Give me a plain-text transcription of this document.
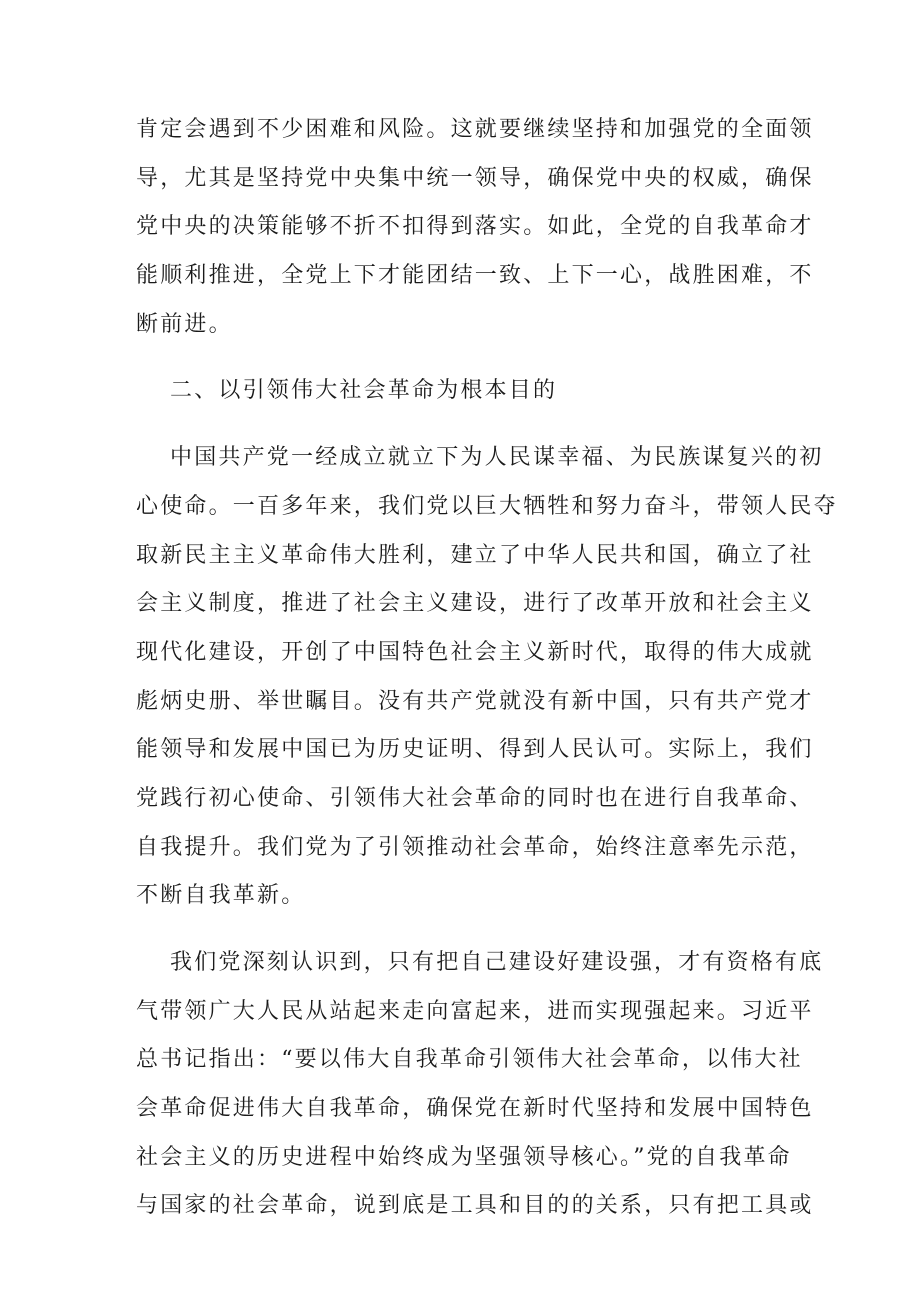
肯定会遇到不少困难和风险。这就要继续坚持和加强党的全面领
导，尤其是坚持党中央集中统一领导，确保党中央的权威，确保
党中央的决策能够不折不扣得到落实。如此，全党的自我革命才
能顺利推进，全党上下才能团结一致、上下一心，战胜困难，不
断前进。
二、以引领伟大社会革命为根本目的
中国共产党一经成立就立下为人民谋幸福、为民族谋复兴的初
心使命。一百多年来，我们党以巨大牺牲和努力奋斗，带领人民夺
取新民主主义革命伟大胜利，建立了中华人民共和国，确立了社
会主义制度，推进了社会主义建设，进行了改革开放和社会主义
现代化建设，开创了中国特色社会主义新时代，取得的伟大成就
彪炳史册、举世瞩目。没有共产党就没有新中国，只有共产党才
能领导和发展中国已为历史证明、得到人民认可。实际上，我们
党践行初心使命、引领伟大社会革命的同时也在进行自我革命、
自我提升。我们党为了引领推动社会革命，始终注意率先示范，
不断自我革新。
我们党深刻认识到，只有把自己建设好建设强，才有资格有底
气带领广大人民从站起来走向富起来，进而实现强起来。习近平
总书记指出：“要以伟大自我革命引领伟大社会革命，以伟大社
会革命促进伟大自我革命，确保党在新时代坚持和发展中国特色
社会主义的历史进程中始终成为坚强领导核心。”党的自我革命
与国家的社会革命，说到底是工具和目的的关系，只有把工具或
